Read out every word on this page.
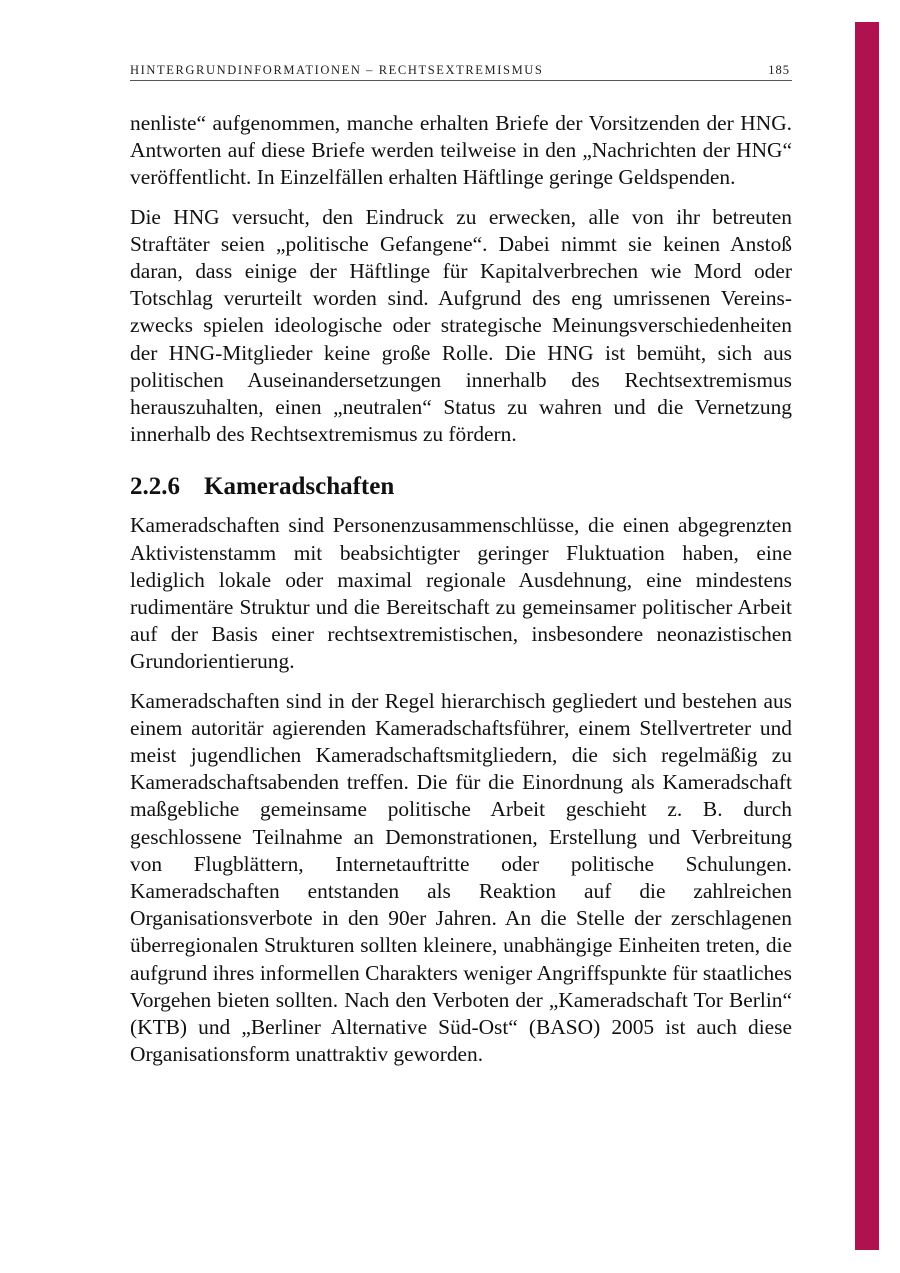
HINTERGRUNDINFORMATIONEN – RECHTSEXTREMISMUS	185

nenliste“ aufgenommen, manche erhalten Briefe der Vorsitzenden der HNG. Antworten auf diese Briefe werden teilweise in den „Nachrichten der HNG“ veröffentlicht. In Einzelfällen erhalten Häftlinge geringe Geldspenden.

Die HNG versucht, den Eindruck zu erwecken, alle von ihr betreuten Straftäter seien „politische Gefangene“. Dabei nimmt sie keinen Anstoß daran, dass einige der Häftlinge für Kapitalverbrechen wie Mord oder Totschlag verurteilt worden sind. Aufgrund des eng umrissenen Vereinszwecks spielen ideologische oder strategische Meinungsverschiedenheiten der HNG-Mitglieder keine große Rolle. Die HNG ist bemüht, sich aus politischen Auseinandersetzungen innerhalb des Rechtsextremismus herauszuhalten, einen „neutralen“ Status zu wahren und die Vernetzung innerhalb des Rechtsextremismus zu fördern.

2.2.6 Kameradschaften

Kameradschaften sind Personenzusammenschlüsse, die einen abgegrenzten Aktivistenstamm mit beabsichtigter geringer Fluktuation haben, eine lediglich lokale oder maximal regionale Ausdehnung, eine mindestens rudimentäre Struktur und die Bereitschaft zu gemeinsamer politischer Arbeit auf der Basis einer rechtsextremistischen, insbesondere neonazistischen Grundorientierung.

Kameradschaften sind in der Regel hierarchisch gegliedert und bestehen aus einem autoritär agierenden Kameradschaftsführer, einem Stellvertreter und meist jugendlichen Kameradschaftsmitgliedern, die sich regelmäßig zu Kameradschaftsabenden treffen. Die für die Einordnung als Kameradschaft maßgebliche gemeinsame politische Arbeit geschieht z. B. durch geschlossene Teilnahme an Demonstrationen, Erstellung und Verbreitung von Flugblättern, Internetauftritte oder politische Schulungen. Kameradschaften entstanden als Reaktion auf die zahlreichen Organisationsverbote in den 90er Jahren. An die Stelle der zerschlagenen überregionalen Strukturen sollten kleinere, unabhängige Einheiten treten, die aufgrund ihres informellen Charakters weniger Angriffspunkte für staatliches Vorgehen bieten sollten. Nach den Verboten der „Kameradschaft Tor Berlin“ (KTB) und „Berliner Alternative Süd-Ost“ (BASO) 2005 ist auch diese Organisationsform unattraktiv geworden.
